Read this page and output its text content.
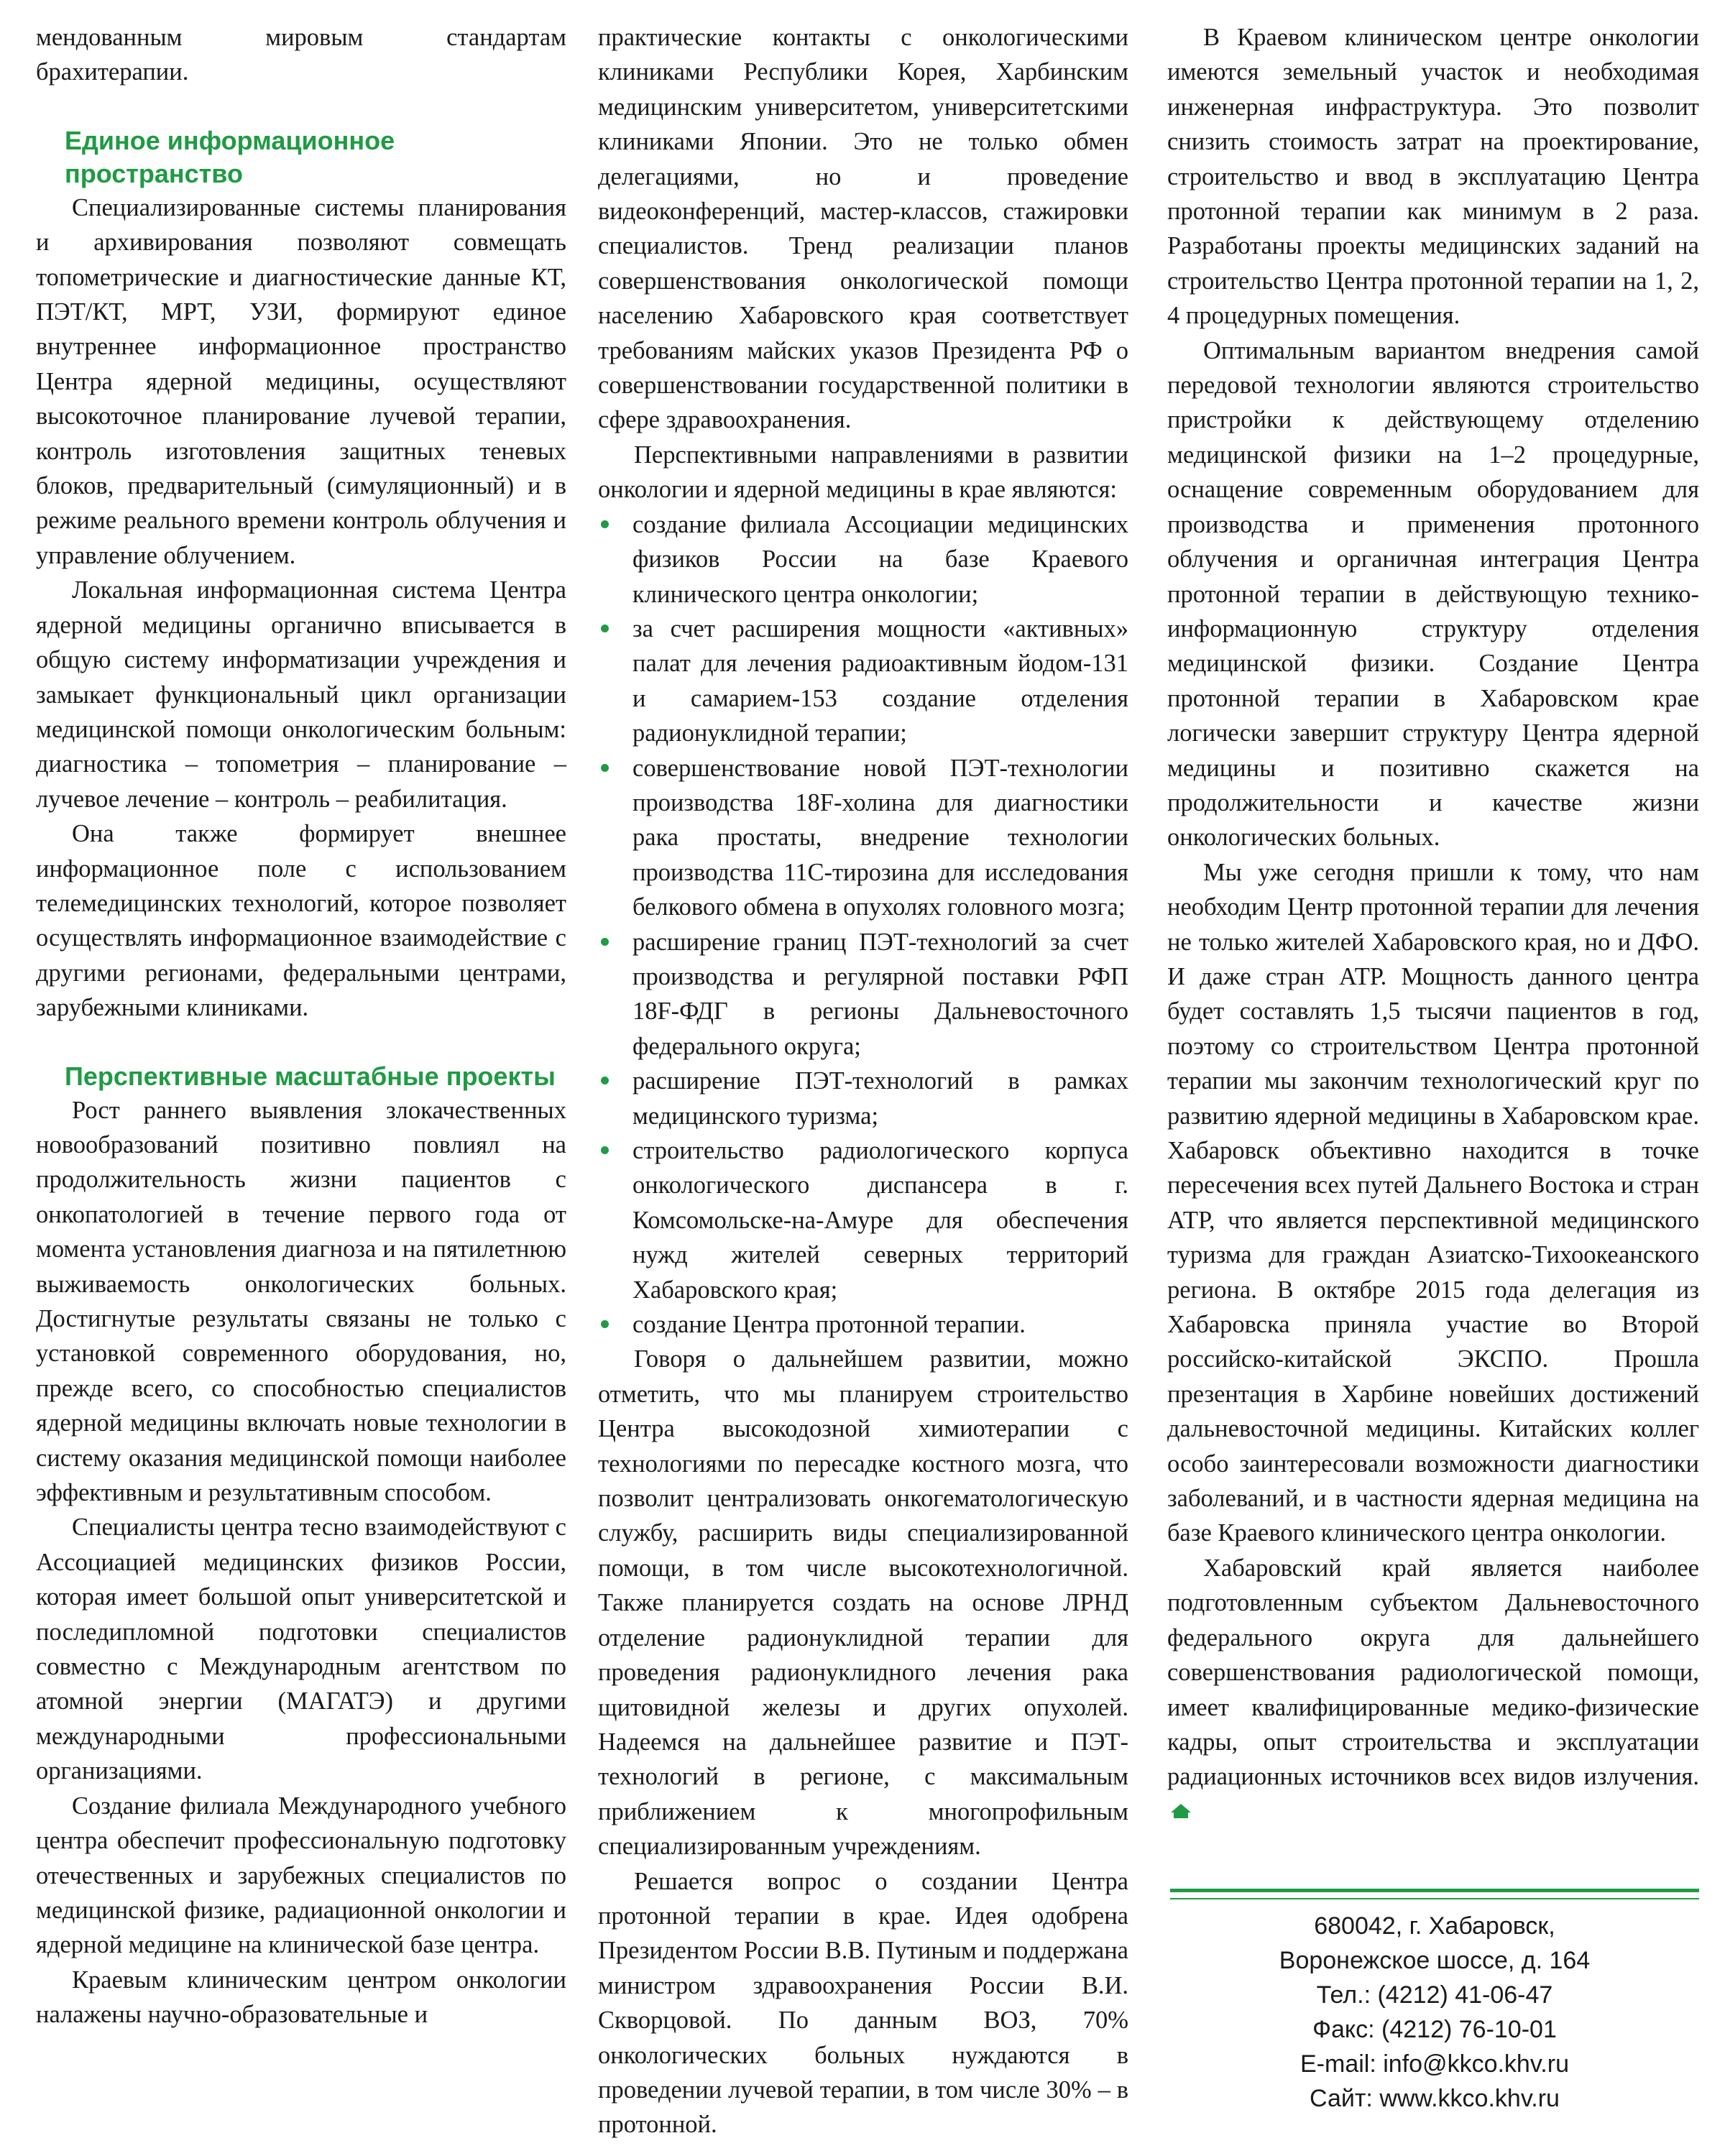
мендованным мировым стандартам брахитерапии.

Единое информационное пространство

Специализированные системы планирования и архивирования позволяют совмещать топометрические и диагностические данные КТ, ПЭТ/КТ, МРТ, УЗИ, формируют единое внутреннее информационное пространство Центра ядерной медицины, осуществляют высокоточное планирование лучевой терапии, контроль изготовления защитных теневых блоков, предварительный (симуляционный) и в режиме реального времени контроль облучения и управление облучением.

Локальная информационная система Центра ядерной медицины органично вписывается в общую систему информатизации учреждения и замыкает функциональный цикл организации медицинской помощи онкологическим больным: диагностика – топометрия – планирование – лучевое лечение – контроль – реабилитация.

Она также формирует внешнее информационное поле с использованием телемедицинских технологий, которое позволяет осуществлять информационное взаимодействие с другими регионами, федеральными центрами, зарубежными клиниками.

Перспективные масштабные проекты

Рост раннего выявления злокачественных новообразований позитивно повлиял на продолжительность жизни пациентов с онкопатологией в течение первого года от момента установления диагноза и на пятилетнюю выживаемость онкологических больных. Достигнутые результаты связаны не только с установкой современного оборудования, но, прежде всего, со способностью специалистов ядерной медицины включать новые технологии в систему оказания медицинской помощи наиболее эффективным и результативным способом.

Специалисты центра тесно взаимодействуют с Ассоциацией медицинских физиков России, которая имеет большой опыт университетской и последипломной подготовки специалистов совместно с Международным агентством по атомной энергии (МАГАТЭ) и другими международными профессиональными организациями.

Создание филиала Международного учебного центра обеспечит профессиональную подготовку отечественных и зарубежных специалистов по медицинской физике, радиационной онкологии и ядерной медицине на клинической базе центра.

Краевым клиническим центром онкологии налажены научно-образовательные и

практические контакты с онкологическими клиниками Республики Корея, Харбинским медицинским университетом, университетскими клиниками Японии. Это не только обмен делегациями, но и проведение видеоконференций, мастер-классов, стажировки специалистов. Тренд реализации планов совершенствования онкологической помощи населению Хабаровского края соответствует требованиям майских указов Президента РФ о совершенствовании государственной политики в сфере здравоохранения.

Перспективными направлениями в развитии онкологии и ядерной медицины в крае являются:

создание филиала Ассоциации медицинских физиков России на базе Краевого клинического центра онкологии;
за счет расширения мощности «активных» палат для лечения радиоактивным йодом-131 и самарием-153 создание отделения радионуклидной терапии;
совершенствование новой ПЭТ-технологии производства 18F-холина для диагностики рака простаты, внедрение технологии производства 11С-тирозина для исследования белкового обмена в опухолях головного мозга;
расширение границ ПЭТ-технологий за счет производства и регулярной поставки РФП 18F-ФДГ в регионы Дальневосточного федерального округа;
расширение ПЭТ-технологий в рамках медицинского туризма;
строительство радиологического корпуса онкологического диспансера в г. Комсомольске-на-Амуре для обеспечения нужд жителей северных территорий Хабаровского края;
создание Центра протонной терапии.

Говоря о дальнейшем развитии, можно отметить, что мы планируем строительство Центра высокодозной химиотерапии с технологиями по пересадке костного мозга, что позволит централизовать онкогематологическую службу, расширить виды специализированной помощи, в том числе высокотехнологичной. Также планируется создать на основе ЛРНД отделение радионуклидной терапии для проведения радионуклидного лечения рака щитовидной железы и других опухолей. Надеемся на дальнейшее развитие и ПЭТ-технологий в регионе, с максимальным приближением к многопрофильным специализированным учреждениям.

Решается вопрос о создании Центра протонной терапии в крае. Идея одобрена Президентом России В.В. Путиным и поддержана министром здравоохранения России В.И. Скворцовой. По данным ВОЗ, 70% онкологических больных нуждаются в проведении лучевой терапии, в том числе 30% – в протонной.

В Краевом клиническом центре онкологии имеются земельный участок и необходимая инженерная инфраструктура. Это позволит снизить стоимость затрат на проектирование, строительство и ввод в эксплуатацию Центра протонной терапии как минимум в 2 раза. Разработаны проекты медицинских заданий на строительство Центра протонной терапии на 1, 2, 4 процедурных помещения.

Оптимальным вариантом внедрения самой передовой технологии являются строительство пристройки к действующему отделению медицинской физики на 1–2 процедурные, оснащение современным оборудованием для производства и применения протонного облучения и органичная интеграция Центра протонной терапии в действующую технико-информационную структуру отделения медицинской физики. Создание Центра протонной терапии в Хабаровском крае логически завершит структуру Центра ядерной медицины и позитивно скажется на продолжительности и качестве жизни онкологических больных.

Мы уже сегодня пришли к тому, что нам необходим Центр протонной терапии для лечения не только жителей Хабаровского края, но и ДФО. И даже стран АТР. Мощность данного центра будет составлять 1,5 тысячи пациентов в год, поэтому со строительством Центра протонной терапии мы закончим технологический круг по развитию ядерной медицины в Хабаровском крае. Хабаровск объективно находится в точке пересечения всех путей Дальнего Востока и стран АТР, что является перспективной медицинского туризма для граждан Азиатско-Тихоокеанского региона. В октябре 2015 года делегация из Хабаровска приняла участие во Второй российско-китайской ЭКСПО. Прошла презентация в Харбине новейших достижений дальневосточной медицины. Китайских коллег особо заинтересовали возможности диагностики заболеваний, и в частности ядерная медицина на базе Краевого клинического центра онкологии.

Хабаровский край является наиболее подготовленным субъектом Дальневосточного федерального округа для дальнейшего совершенствования радиологической помощи, имеет квалифицированные медико-физические кадры, опыт строительства и эксплуатации радиационных источников всех видов излучения.

680042, г. Хабаровск,
Воронежское шоссе, д. 164
Тел.: (4212) 41-06-47
Факс: (4212) 76-10-01
E-mail: info@kkco.khv.ru
Сайт: www.kkco.khv.ru
